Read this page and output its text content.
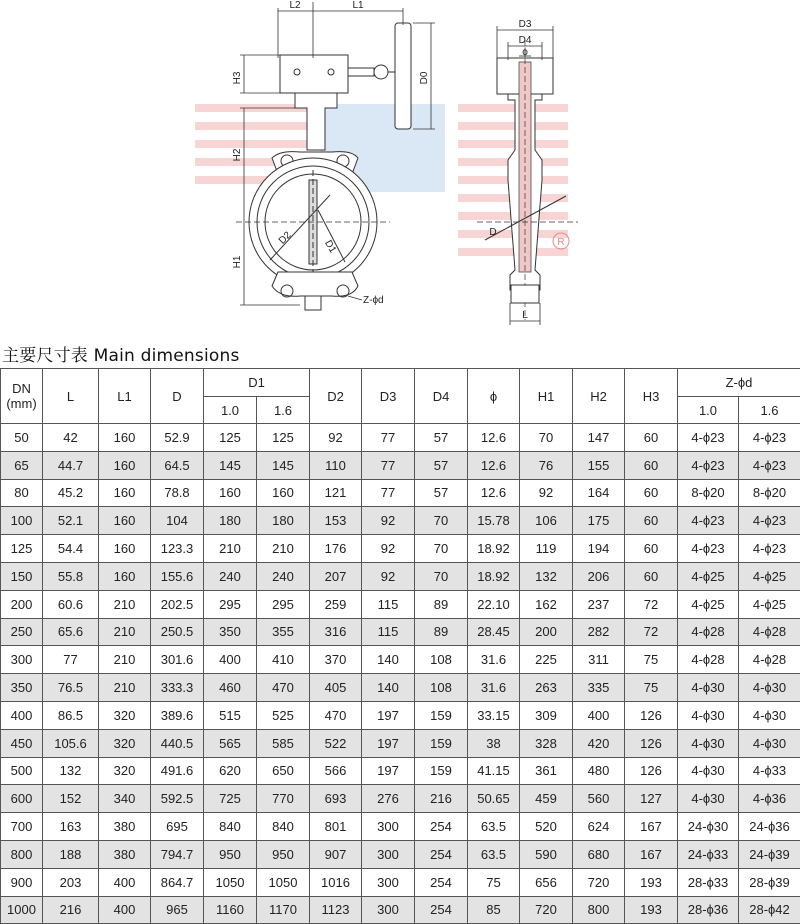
R
L2	L1
H3
H2
H1
D0
D2
D1
Z-ϕd
D3
D4
ϕ
D
L
主要尺寸表 Main dimensions
DN
(mm)	L	L1	D	D1		D2	D3	D4	ϕ	H1	H2	H3	Z-ϕd	
				1.0	1.6								1.0	1.6
50	42	160	52.9	125	125	92	77	57	12.6	70	147	60	4-ϕ23	4-ϕ23
65	44.7	160	64.5	145	145	110	77	57	12.6	76	155	60	4-ϕ23	4-ϕ23
80	45.2	160	78.8	160	160	121	77	57	12.6	92	164	60	8-ϕ20	8-ϕ20
100	52.1	160	104	180	180	153	92	70	15.78	106	175	60	4-ϕ23	4-ϕ23
125	54.4	160	123.3	210	210	176	92	70	18.92	119	194	60	4-ϕ23	4-ϕ23
150	55.8	160	155.6	240	240	207	92	70	18.92	132	206	60	4-ϕ25	4-ϕ25
200	60.6	210	202.5	295	295	259	115	89	22.10	162	237	72	4-ϕ25	4-ϕ25
250	65.6	210	250.5	350	355	316	115	89	28.45	200	282	72	4-ϕ28	4-ϕ28
300	77	210	301.6	400	410	370	140	108	31.6	225	311	75	4-ϕ28	4-ϕ28
350	76.5	210	333.3	460	470	405	140	108	31.6	263	335	75	4-ϕ30	4-ϕ30
400	86.5	320	389.6	515	525	470	197	159	33.15	309	400	126	4-ϕ30	4-ϕ30
450	105.6	320	440.5	565	585	522	197	159	38	328	420	126	4-ϕ30	4-ϕ30
500	132	320	491.6	620	650	566	197	159	41.15	361	480	126	4-ϕ30	4-ϕ33
600	152	340	592.5	725	770	693	276	216	50.65	459	560	127	4-ϕ30	4-ϕ36
700	163	380	695	840	840	801	300	254	63.5	520	624	167	24-ϕ30	24-ϕ36
800	188	380	794.7	950	950	907	300	254	63.5	590	680	167	24-ϕ33	24-ϕ39
900	203	400	864.7	1050	1050	1016	300	254	75	656	720	193	28-ϕ33	28-ϕ39
1000	216	400	965	1160	1170	1123	300	254	85	720	800	193	28-ϕ36	28-ϕ42
